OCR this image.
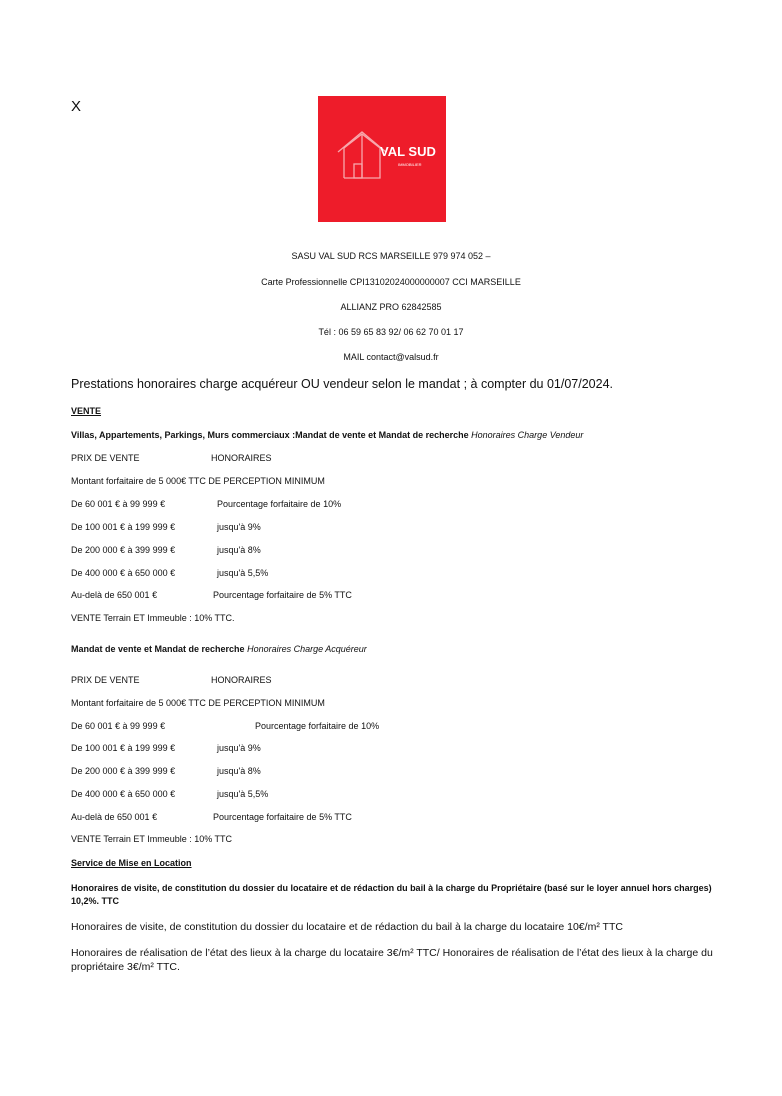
X
VAL SUD
IMMOBILIER
SASU VAL SUD RCS MARSEILLE 979 974 052 –
Carte Professionnelle CPI13102024000000007 CCI MARSEILLE
ALLIANZ PRO 62842585
Tél : 06 59 65 83 92/ 06 62 70 01 17
MAIL contact@valsud.fr
Prestations honoraires charge acquéreur OU vendeur selon le mandat ; à compter du 01/07/2024.
VENTE
Villas, Appartements, Parkings, Murs commerciaux :Mandat de vente et Mandat de recherche Honoraires Charge Vendeur
PRIX DE VENTE	HONORAIRES
Montant forfaitaire de 5 000€ TTC DE PERCEPTION MINIMUM
De 60 001 € à 99 999 €	Pourcentage forfaitaire de 10%
De 100 001 € à 199 999 €	jusqu'à 9%
De 200 000 € à 399 999 €	jusqu'à 8%
De 400 000 € à 650 000 €	jusqu'à 5,5%
Au-delà de 650 001 €	Pourcentage forfaitaire de 5% TTC
VENTE Terrain ET Immeuble : 10% TTC.
Mandat de vente et Mandat de recherche Honoraires Charge Acquéreur
PRIX DE VENTE	HONORAIRES
Montant forfaitaire de 5 000€ TTC DE PERCEPTION MINIMUM
De 60 001 € à 99 999 €	Pourcentage forfaitaire de 10%
De 100 001 € à 199 999 €	jusqu'à 9%
De 200 000 € à 399 999 €	jusqu'à 8%
De 400 000 € à 650 000 €	jusqu'à 5,5%
Au-delà de 650 001 €	Pourcentage forfaitaire de 5% TTC
VENTE Terrain ET Immeuble : 10% TTC
Service de Mise en Location
Honoraires de visite, de constitution du dossier du locataire et de rédaction du bail à la charge du Propriétaire (basé sur le loyer annuel hors charges) 10,2%. TTC
Honoraires de visite, de constitution du dossier du locataire et de rédaction du bail à la charge du locataire 10€/m² TTC
Honoraires de réalisation de l’état des lieux à la charge du locataire 3€/m² TTC/ Honoraires de réalisation de l’état des lieux à la charge du propriétaire 3€/m² TTC.
